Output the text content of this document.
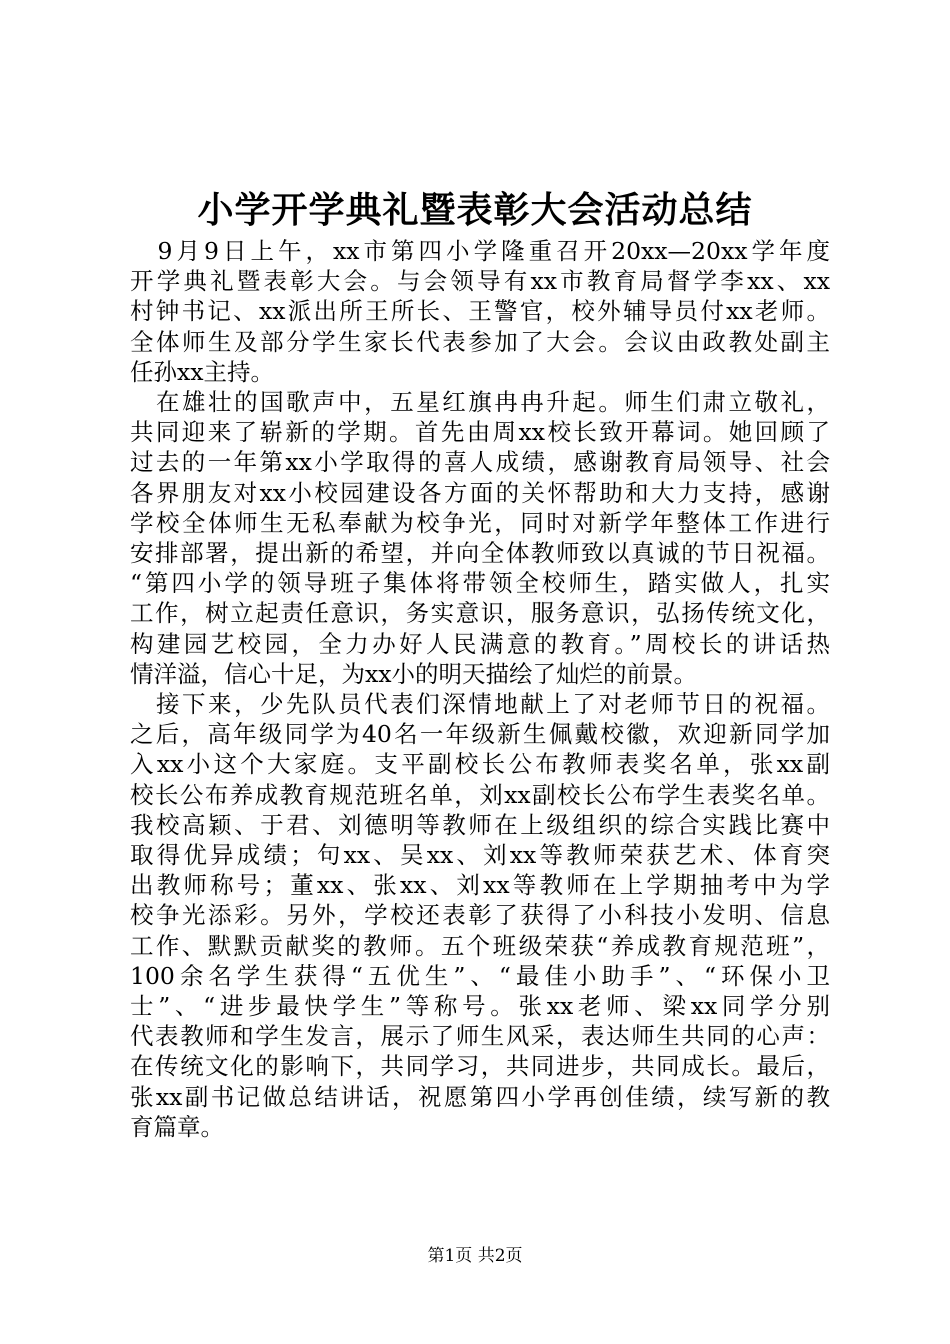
小学开学典礼暨表彰大会活动总结
　9月9日上午，xx市第四小学隆重召开20xx—20xx学年度
开学典礼暨表彰大会。与会领导有xx市教育局督学李xx、xx
村钟书记、xx派出所王所长、王警官，校外辅导员付xx老师。
全体师生及部分学生家长代表参加了大会。会议由政教处副主
任孙xx主持。
　在雄壮的国歌声中，五星红旗冉冉升起。师生们肃立敬礼，
共同迎来了崭新的学期。首先由周xx校长致开幕词。她回顾了
过去的一年第xx小学取得的喜人成绩，感谢教育局领导、社会
各界朋友对xx小校园建设各方面的关怀帮助和大力支持，感谢
学校全体师生无私奉献为校争光，同时对新学年整体工作进行
安排部署，提出新的希望，并向全体教师致以真诚的节日祝福。
“第四小学的领导班子集体将带领全校师生，踏实做人，扎实
工作，树立起责任意识，务实意识，服务意识，弘扬传统文化，
构建园艺校园，全力办好人民满意的教育。”周校长的讲话热
情洋溢，信心十足，为xx小的明天描绘了灿烂的前景。
　接下来，少先队员代表们深情地献上了对老师节日的祝福。
之后，高年级同学为40名一年级新生佩戴校徽，欢迎新同学加
入xx小这个大家庭。支平副校长公布教师表奖名单，张xx副
校长公布养成教育规范班名单，刘xx副校长公布学生表奖名单。
我校高颖、于君、刘德明等教师在上级组织的综合实践比赛中
取得优异成绩；句xx、吴xx、刘xx等教师荣获艺术、体育突
出教师称号；董xx、张xx、刘xx等教师在上学期抽考中为学
校争光添彩。另外，学校还表彰了获得了小科技小发明、信息
工作、默默贡献奖的教师。五个班级荣获“养成教育规范班”，
100余名学生获得“五优生”、“最佳小助手”、“环保小卫
士”、“进步最快学生”等称号。张xx老师、梁xx同学分别
代表教师和学生发言，展示了师生风采，表达师生共同的心声：
在传统文化的影响下，共同学习，共同进步，共同成长。最后，
张xx副书记做总结讲话，祝愿第四小学再创佳绩，续写新的教
育篇章。
第1页 共2页
